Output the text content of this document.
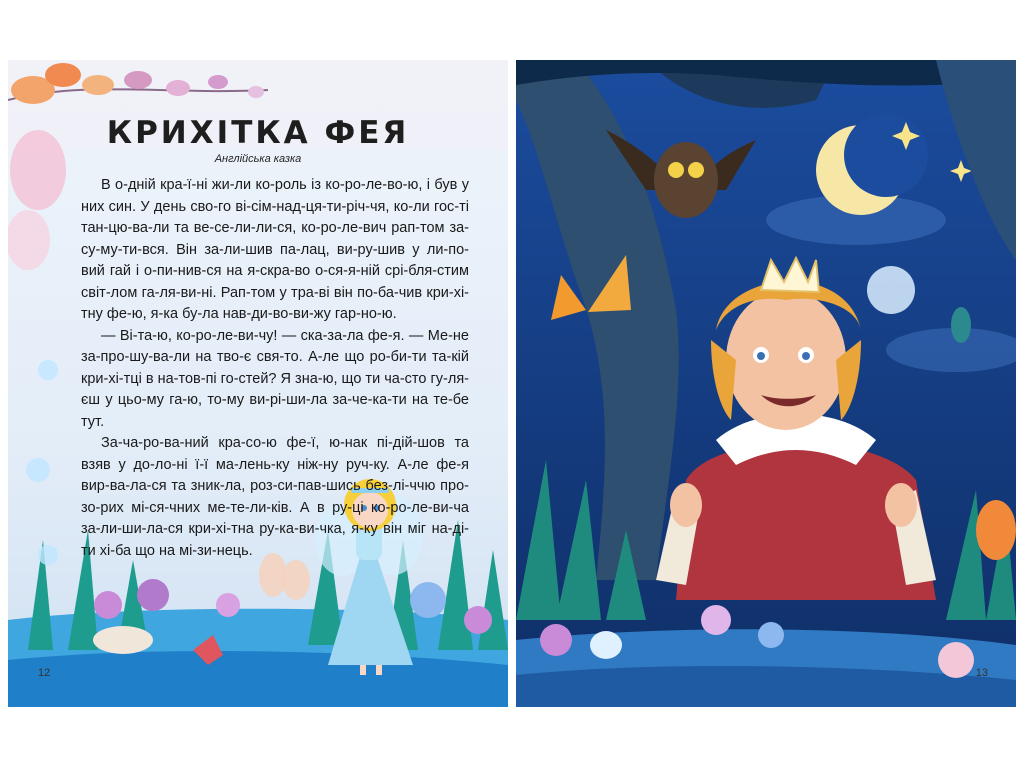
КРИХІТКА ФЕЯ
Англійська казка

В о-дній кра-ї-ні жи-ли ко-роль із ко-ро-ле-во-ю, і був у них син. У день сво-го ві-сім-над-ця-ти-річ-чя, ко-ли гос-ті тан-цю-ва-ли та ве-се-ли-ли-ся, ко-ро-ле-вич рап-том за-су-му-ти-вся. Він за-ли-шив па-лац, ви-ру-шив у ли-по-вий гай і о-пи-нив-ся на я-скра-во о-ся-я-ній срі-бля-стим світ-лом га-ля-ви-ні. Рап-том у тра-ві він по-ба-чив кри-хі-тну фе-ю, я-ка бу-ла нав-ди-во-ви-жу гар-но-ю.

— Ві-та-ю, ко-ро-ле-ви-чу! — ска-за-ла фе-я. — Ме-не за-про-шу-ва-ли на тво-є свя-то. А-ле що ро-би-ти та-кій кри-хі-тці в на-тов-пі го-стей? Я зна-ю, що ти ча-сто гу-ля-єш у цьо-му га-ю, то-му ви-рі-ши-ла за-че-ка-ти на те-бе тут.

За-ча-ро-ва-ний кра-со-ю фе-ї, ю-нак пі-дій-шов та взяв у до-ло-ні ї-ї ма-лень-ку ніж-ну руч-ку. А-ле фе-я вир-ва-ла-ся та зник-ла, роз-си-пав-шись без-лі-ччю про-зо-рих мі-ся-чних ме-те-ли-ків. А в ру-ці ко-ро-ле-ви-ча за-ли-ши-ла-ся кри-хі-тна ру-ка-ви-чка, я-ку він міг на-ді-ти хі-ба що на мі-зи-нець.

12	13
